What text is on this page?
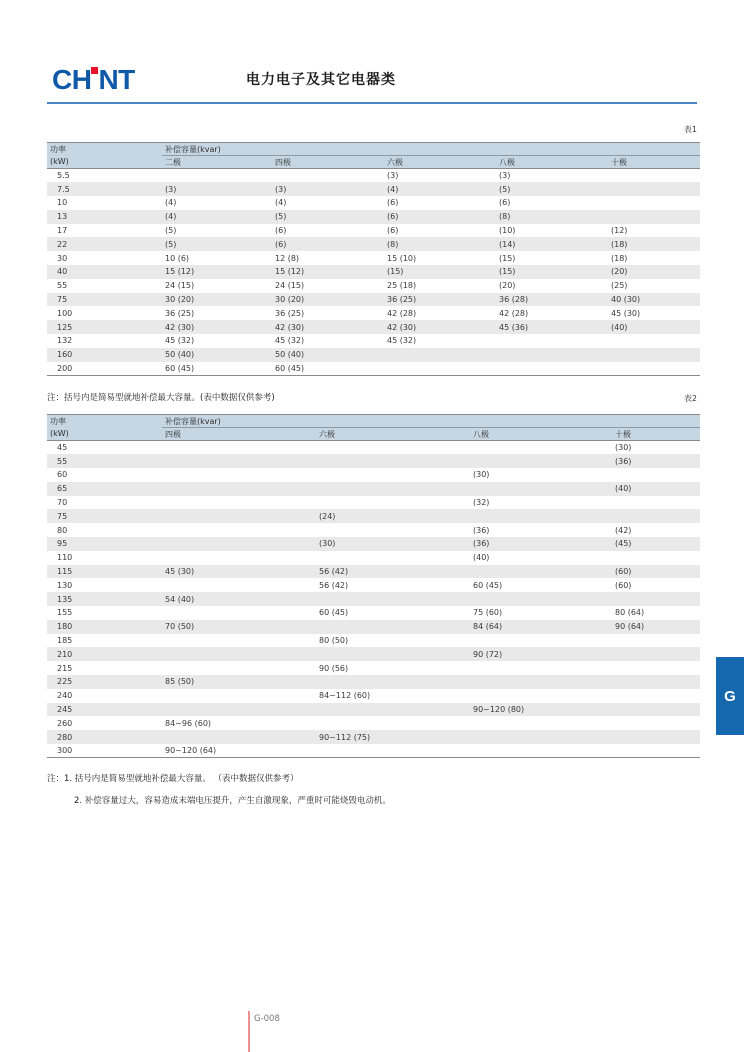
CH NT	电力电子及其它电器类
表1
功率	补偿容量(kvar)				
(kW)	二极	四极	六极	八极	十极
5.5			(3)	(3)	
7.5	(3)	(3)	(4)	(5)	
10	(4)	(4)	(6)	(6)	
13	(4)	(5)	(6)	(8)	
17	(5)	(6)	(6)	(10)	(12)
22	(5)	(6)	(8)	(14)	(18)
30	10 (6)	12 (8)	15 (10)	(15)	(18)
40	15 (12)	15 (12)	(15)	(15)	(20)
55	24 (15)	24 (15)	25 (18)	(20)	(25)
75	30 (20)	30 (20)	36 (25)	36 (28)	40 (30)
100	36 (25)	36 (25)	42 (28)	42 (28)	45 (30)
125	42 (30)	42 (30)	42 (30)	45 (36)	(40)
132	45 (32)	45 (32)	45 (32)		
160	50 (40)	50 (40)			
200	60 (45)	60 (45)			
注：括号内是简易型就地补偿最大容量。(表中数据仅供参考)	表2
功率	补偿容量(kvar)			
(kW)	四极	六极	八极	十极
45				(30)
55				(36)
60			(30)	
65				(40)
70			(32)	
75		(24)		
80			(36)	(42)
95		(30)	(36)	(45)
110			(40)	
115	45 (30)	56 (42)		(60)
130		56 (42)	60 (45)	(60)
135	54 (40)			
155		60 (45)	75 (60)	80 (64)
180	70 (50)		84 (64)	90 (64)
185		80 (50)		
210			90 (72)	
215		90 (56)		
225	85 (50)			
240		84~112 (60)		
245			90~120 (80)	
260	84~96 (60)			
280		90~112 (75)		
300	90~120 (64)			
注：1. 括号内是简易型就地补偿最大容量。 （表中数据仅供参考）
2. 补偿容量过大，容易造成末端电压提升，产生自激现象，严重时可能烧毁电动机。
G
G-008
